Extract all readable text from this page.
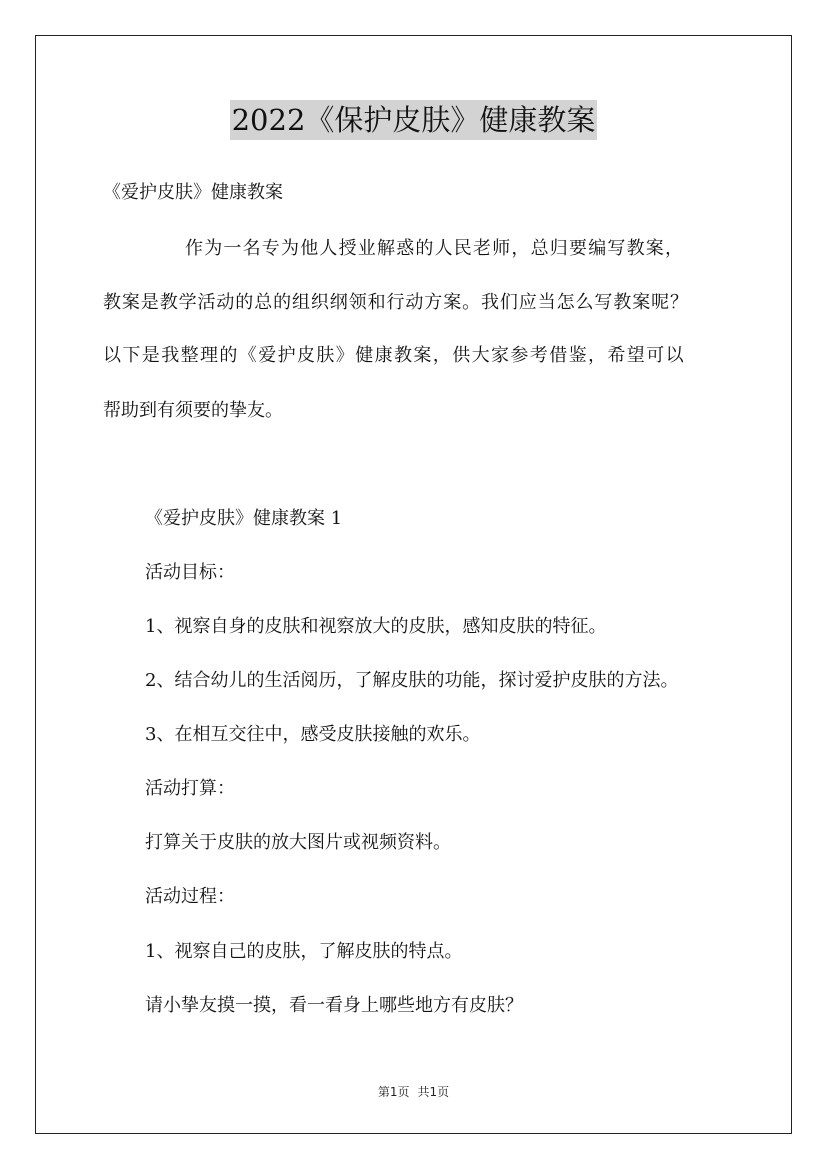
2022《保护皮肤》健康教案
《爱护皮肤》健康教案
作为一名专为他人授业解惑的人民老师，总归要编写教案，
教案是教学活动的总的组织纲领和行动方案。我们应当怎么写教案呢？
以下是我整理的《爱护皮肤》健康教案，供大家参考借鉴，希望可以
帮助到有须要的挚友。
《爱护皮肤》健康教案 1
活动目标：
1、视察自身的皮肤和视察放大的皮肤，感知皮肤的特征。
2、结合幼儿的生活阅历，了解皮肤的功能，探讨爱护皮肤的方法。
3、在相互交往中，感受皮肤接触的欢乐。
活动打算：
打算关于皮肤的放大图片或视频资料。
活动过程：
1、视察自己的皮肤，了解皮肤的特点。
请小挚友摸一摸，看一看身上哪些地方有皮肤？
第1页 共1页
